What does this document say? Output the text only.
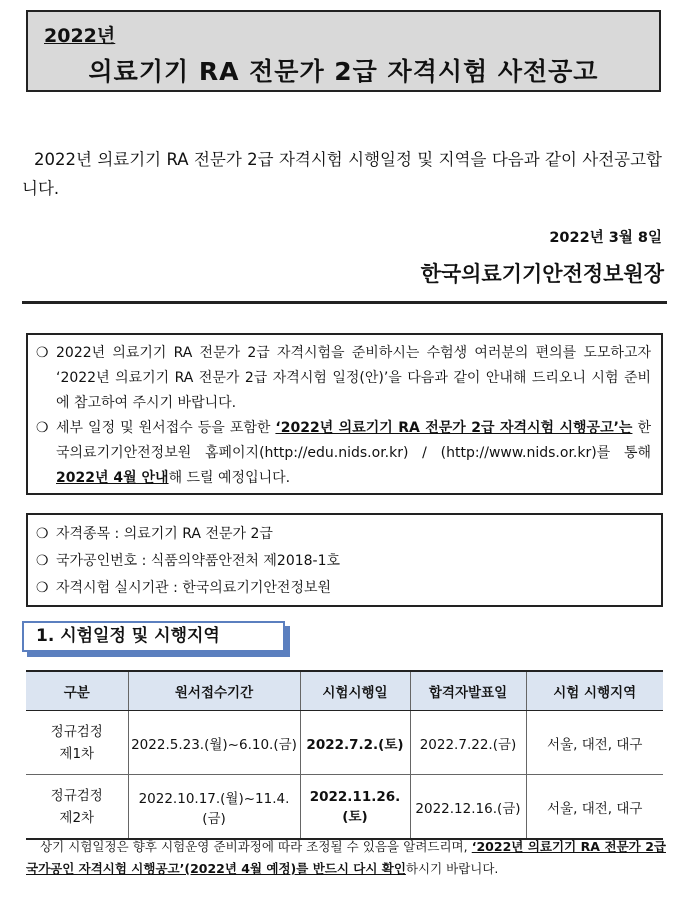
2022년
의료기기 RA 전문가 2급 자격시험 사전공고
2022년 의료기기 RA 전문가 2급 자격시험 시행일정 및 지역을 다음과 같이 사전공고합니다.
2022년 3월 8일
한국의료기기안전정보원장
❍ 2022년 의료기기 RA 전문가 2급 자격시험을 준비하시는 수험생 여러분의 편의를 도모하고자 ‘2022년 의료기기 RA 전문가 2급 자격시험 일정(안)’을 다음과 같이 안내해 드리오니 시험 준비에 참고하여 주시기 바랍니다.
❍ 세부 일정 및 원서접수 등을 포함한 ‘2022년 의료기기 RA 전문가 2급 자격시험 시행공고’는 한국의료기기안전정보원 홈페이지(http://edu.nids.or.kr) / (http://www.nids.or.kr)를 통해 2022년 4월 안내해 드릴 예정입니다.
❍ 자격종목 : 의료기기 RA 전문가 2급
❍ 국가공인번호 : 식품의약품안전처 제2018-1호
❍ 자격시험 실시기관 : 한국의료기기안전정보원
1. 시험일정 및 시행지역
구분	원서접수기간	시험시행일	합격자발표일	시험 시행지역
정규검정
제1차	2022.5.23.(월)~6.10.(금)	2022.7.2.(토)	2022.7.22.(금)	서울, 대전, 대구
정규검정
제2차	2022.10.17.(월)~11.4.(금)	2022.11.26.(토)	2022.12.16.(금)	서울, 대전, 대구
상기 시험일정은 향후 시험운영 준비과정에 따라 조정될 수 있음을 알려드리며, ‘2022년 의료기기 RA 전문가 2급 국가공인 자격시험 시행공고’(2022년 4월 예정)를 반드시 다시 확인하시기 바랍니다.
